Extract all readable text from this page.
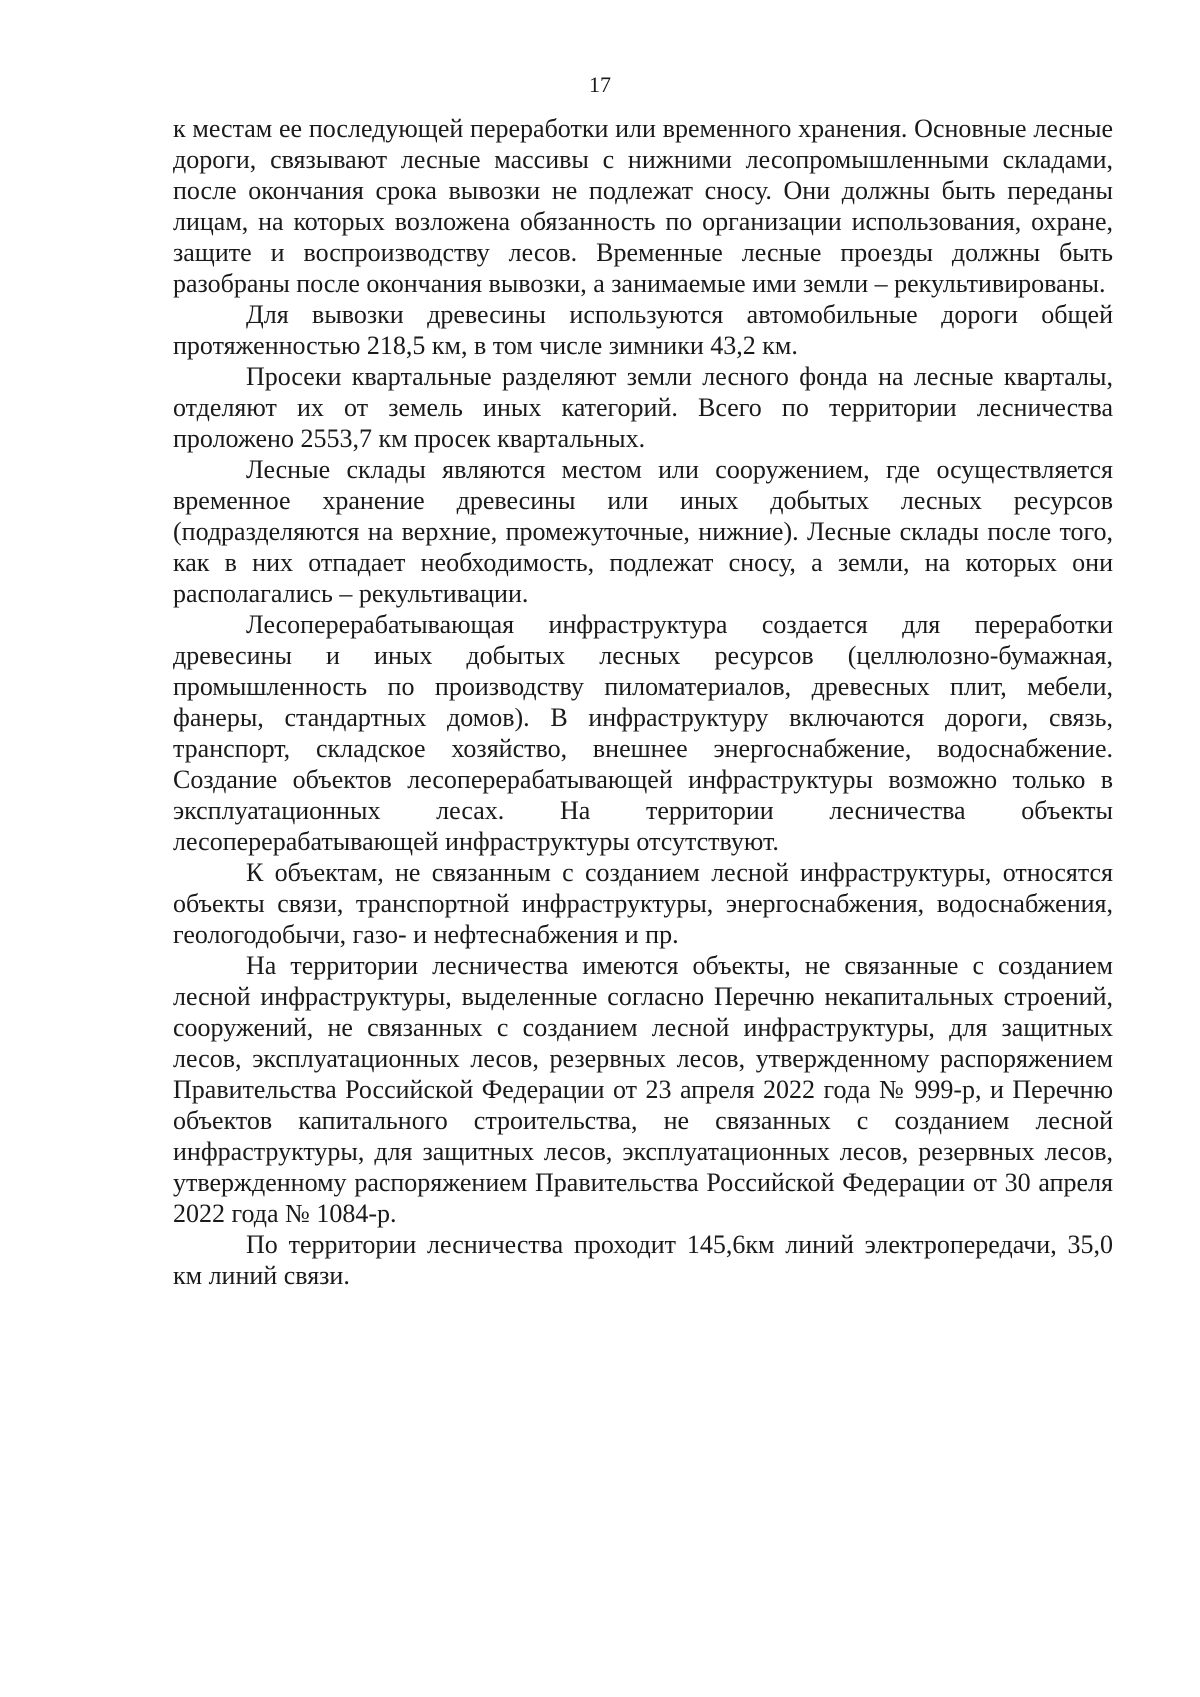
17

к местам ее последующей переработки или временного хранения. Основные лесные дороги, связывают лесные массивы с нижними лесопромышленными складами, после окончания срока вывозки не подлежат сносу. Они должны быть переданы лицам, на которых возложена обязанность по организации использования, охране, защите и воспроизводству лесов. Временные лесные проезды должны быть разобраны после окончания вывозки, а занимаемые ими земли – рекультивированы.

Для вывозки древесины используются автомобильные дороги общей протяженностью 218,5 км, в том числе зимники 43,2 км.

Просеки квартальные разделяют земли лесного фонда на лесные кварталы, отделяют их от земель иных категорий. Всего по территории лесничества проложено 2553,7 км просек квартальных.

Лесные склады являются местом или сооружением, где осуществляется временное хранение древесины или иных добытых лесных ресурсов (подразделяются на верхние, промежуточные, нижние). Лесные склады после того, как в них отпадает необходимость, подлежат сносу, а земли, на которых они располагались – рекультивации.

Лесоперерабатывающая инфраструктура создается для переработки древесины и иных добытых лесных ресурсов (целлюлозно-бумажная, промышленность по производству пиломатериалов, древесных плит, мебели, фанеры, стандартных домов). В инфраструктуру включаются дороги, связь, транспорт, складское хозяйство, внешнее энергоснабжение, водоснабжение. Создание объектов лесоперерабатывающей инфраструктуры возможно только в эксплуатационных лесах. На территории лесничества объекты лесоперерабатывающей инфраструктуры отсутствуют.

К объектам, не связанным с созданием лесной инфраструктуры, относятся объекты связи, транспортной инфраструктуры, энергоснабжения, водоснабжения, геологодобычи, газо- и нефтеснабжения и пр.

На территории лесничества имеются объекты, не связанные с созданием лесной инфраструктуры, выделенные согласно Перечню некапитальных строений, сооружений, не связанных с созданием лесной инфраструктуры, для защитных лесов, эксплуатационных лесов, резервных лесов, утвержденному распоряжением Правительства Российской Федерации от 23 апреля 2022 года № 999-р, и Перечню объектов капитального строительства, не связанных с созданием лесной инфраструктуры, для защитных лесов, эксплуатационных лесов, резервных лесов, утвержденному распоряжением Правительства Российской Федерации от 30 апреля 2022 года № 1084-р.

По территории лесничества проходит 145,6км линий электропередачи, 35,0 км линий связи.
